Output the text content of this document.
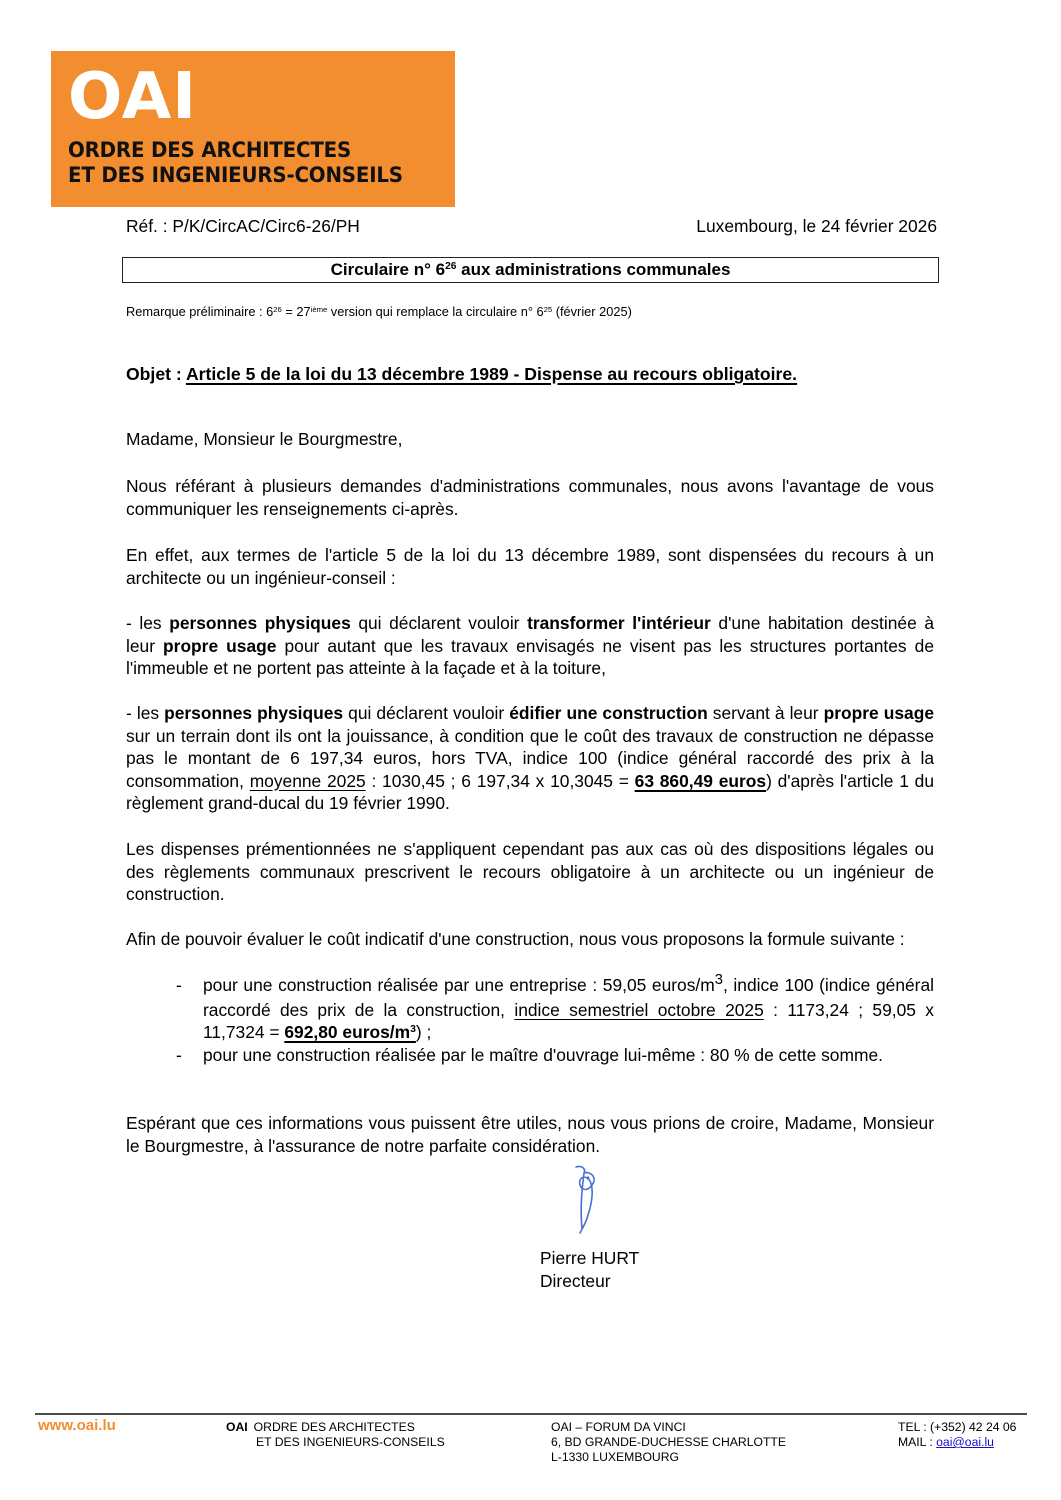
OAI
ORDRE DES ARCHITECTES
ET DES INGENIEURS-CONSEILS
Réf. : P/K/CircAC/Circ6-26/PH	Luxembourg, le 24 février 2026
Circulaire n° $6^{26}$ aux administrations communales
Remarque préliminaire : $6^{26} = 27ième$ version qui remplace la circulaire n° $6^{25}$ (février 2025)
Objet : Article 5 de la loi du 13 décembre 1989 - Dispense au recours obligatoire.
Madame, Monsieur le Bourgmestre,
Nous référant à plusieurs demandes d'administrations communales, nous avons l'avantage de vous communiquer les renseignements ci-après.
En effet, aux termes de l'article 5 de la loi du 13 décembre 1989, sont dispensées du recours à un architecte ou un ingénieur-conseil :
- les personnes physiques qui déclarent vouloir transformer l'intérieur d'une habitation destinée à leur propre usage pour autant que les travaux envisagés ne visent pas les structures portantes de l'immeuble et ne portent pas atteinte à la façade et à la toiture,
- les personnes physiques qui déclarent vouloir édifier une construction servant à leur propre usage sur un terrain dont ils ont la jouissance, à condition que le coût des travaux de construction ne dépasse pas le montant de 6 197,34 euros, hors TVA, indice 100 (indice général raccordé des prix à la consommation, moyenne 2025 : 1030,45 ; 6 197,34 x 10,3045 = 63 860,49 euros) d'après l'article 1 du règlement grand-ducal du 19 février 1990.
Les dispenses prémentionnées ne s'appliquent cependant pas aux cas où des dispositions légales ou des règlements communaux prescrivent le recours obligatoire à un architecte ou un ingénieur de construction.
Afin de pouvoir évaluer le coût indicatif d'une construction, nous vous proposons la formule suivante :
- pour une construction réalisée par une entreprise : 59,05 euros/$m^3$, indice 100 (indice général raccordé des prix de la construction, indice semestriel octobre 2025 : 1173,24 ; 59,05 x 11,7324 = 692,80 euros/$m^3$) ;
- pour une construction réalisée par le maître d'ouvrage lui-même : 80 % de cette somme.
Espérant que ces informations vous puissent être utiles, nous vous prions de croire, Madame, Monsieur le Bourgmestre, à l'assurance de notre parfaite considération.
Pierre HURT
Directeur
www.oai.lu	OAI ORDRE DES ARCHITECTES
ET DES INGENIEURS-CONSEILS
OAI – FORUM DA VINCI
6, BD GRANDE-DUCHESSE CHARLOTTE
L-1330 LUXEMBOURG
TEL : (+352) 42 24 06
MAIL : oai@oai.lu
